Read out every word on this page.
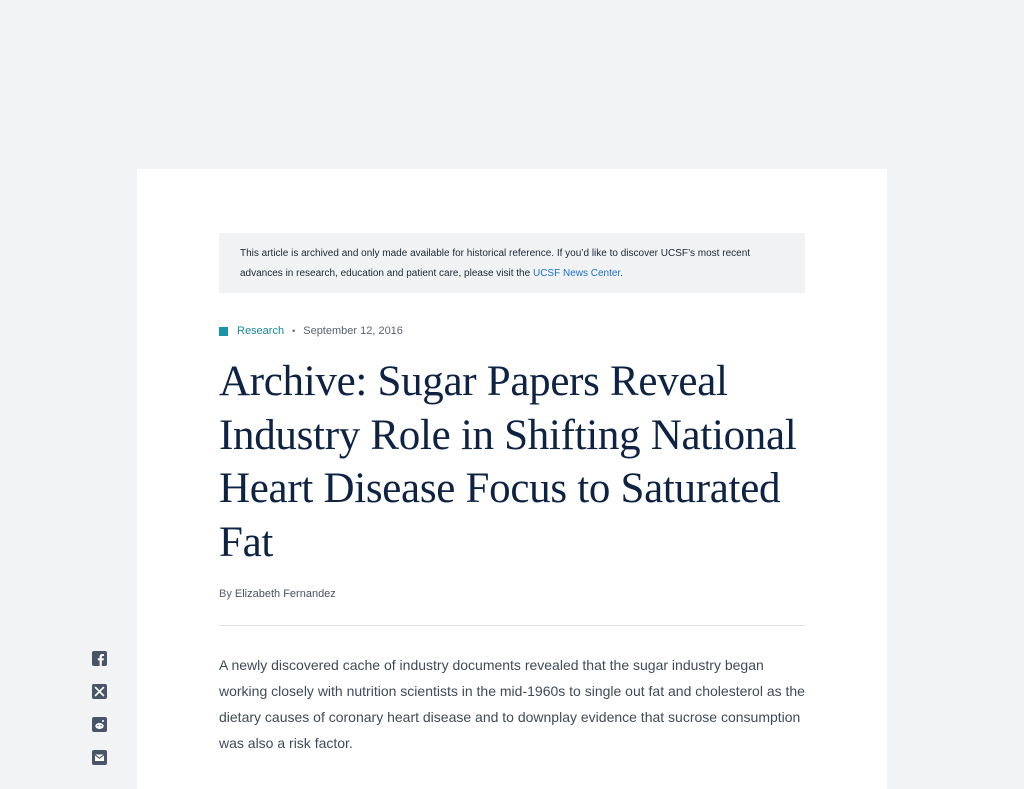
This article is archived and only made available for historical reference. If you’d like to discover UCSF’s most recent advances in research, education and patient care, please visit the UCSF News Center.
Research • September 12, 2016
Archive: Sugar Papers Reveal Industry Role in Shifting National Heart Disease Focus to Saturated Fat
By Elizabeth Fernandez

A newly discovered cache of industry documents revealed that the sugar industry began working closely with nutrition scientists in the mid-1960s to single out fat and cholesterol as the dietary causes of coronary heart disease and to downplay evidence that sucrose consumption was also a risk factor.
